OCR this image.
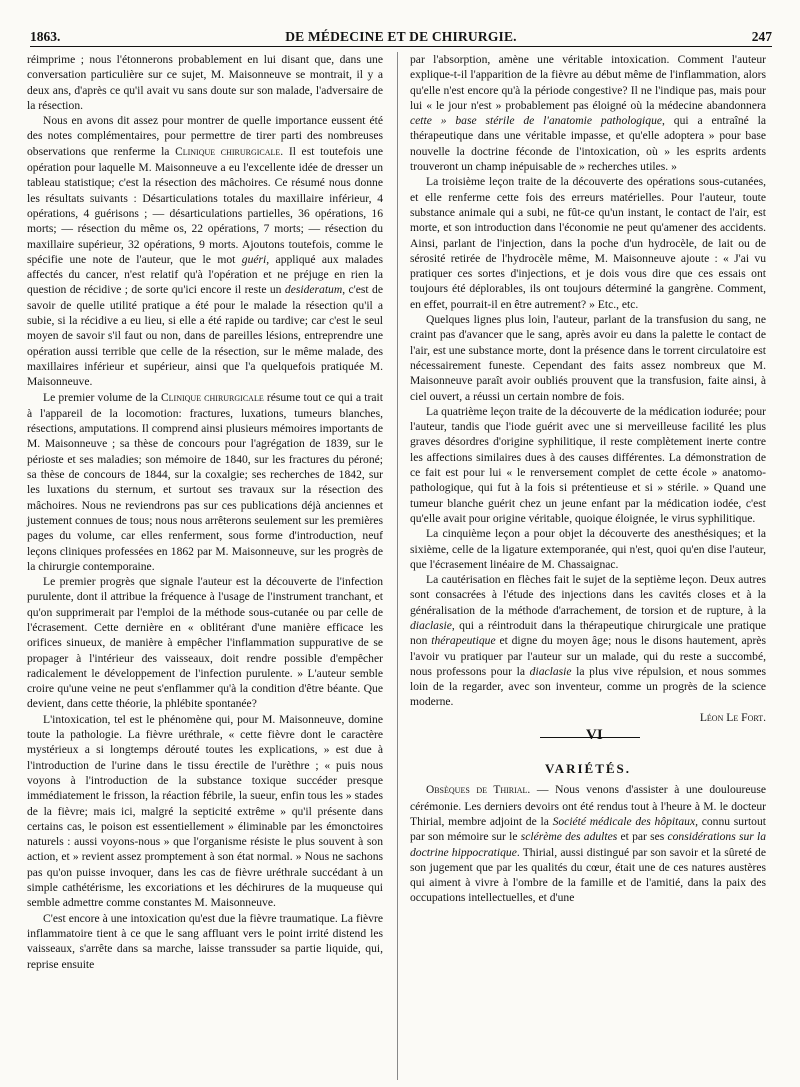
1863.	DE MÉDECINE ET DE CHIRURGIE.	247

réimprime ; nous l'étonnerons probablement en lui disant que, dans une conversation particulière sur ce sujet, M. Maisonneuve se montrait, il y a deux ans, d'après ce qu'il avait vu sans doute sur son malade, l'adversaire de la résection.

Nous en avons dit assez pour montrer de quelle importance eussent été des notes complémentaires, pour permettre de tirer parti des nombreuses observations que renferme la Clinique chirurgicale. Il est toutefois une opération pour laquelle M. Maisonneuve a eu l'excellente idée de dresser un tableau statistique; c'est la résection des mâchoires. Ce résumé nous donne les résultats suivants : Désarticulations totales du maxillaire inférieur, 4 opérations, 4 guérisons ; — désarticulations partielles, 36 opérations, 16 morts; — résection du même os, 22 opérations, 7 morts; — résection du maxillaire supérieur, 32 opérations, 9 morts. Ajoutons toutefois, comme le spécifie une note de l'auteur, que le mot guéri, appliqué aux malades affectés du cancer, n'est relatif qu'à l'opération et ne préjuge en rien la question de récidive ; de sorte qu'ici encore il reste un desideratum, c'est de savoir de quelle utilité pratique a été pour le malade la résection qu'il a subie, si la récidive a eu lieu, si elle a été rapide ou tardive; car c'est le seul moyen de savoir s'il faut ou non, dans de pareilles lésions, entreprendre une opération aussi terrible que celle de la résection, sur le même malade, des maxillaires inférieur et supérieur, ainsi que l'a quelquefois pratiquée M. Maisonneuve.

Le premier volume de la Clinique chirurgicale résume tout ce qui a trait à l'appareil de la locomotion: fractures, luxations, tumeurs blanches, résections, amputations. Il comprend ainsi plusieurs mémoires importants de M. Maisonneuve ; sa thèse de concours pour l'agrégation de 1839, sur le périoste et ses maladies; son mémoire de 1840, sur les fractures du péroné; sa thèse de concours de 1844, sur la coxalgie; ses recherches de 1842, sur les luxations du sternum, et surtout ses travaux sur la résection des mâchoires. Nous ne reviendrons pas sur ces publications déjà anciennes et justement connues de tous; nous nous arrêterons seulement sur les premières pages du volume, car elles renferment, sous forme d'introduction, neuf leçons cliniques professées en 1862 par M. Maisonneuve, sur les progrès de la chirurgie contemporaine.

Le premier progrès que signale l'auteur est la découverte de l'infection purulente, dont il attribue la fréquence à l'usage de l'instrument tranchant, et qu'on supprimerait par l'emploi de la méthode sous-cutanée ou par celle de l'écrasement. Cette dernière en « oblitérant d'une manière efficace les orifices sinueux, de manière à empêcher l'inflammation suppurative de se propager à l'intérieur des vaisseaux, doit rendre possible d'empêcher radicalement le développement de l'infection purulente. » L'auteur semble croire qu'une veine ne peut s'enflammer qu'à la condition d'être béante. Que devient, dans cette théorie, la phlébite spontanée?

L'intoxication, tel est le phénomène qui, pour M. Maisonneuve, domine toute la pathologie. La fièvre uréthrale, « cette fièvre dont le caractère mystérieux a si longtemps dérouté toutes les explications, » est due à l'introduction de l'urine dans le tissu érectile de l'urèthre ; « puis nous voyons à l'introduction de la substance toxique succéder presque immédiatement le frisson, la réaction fébrile, la sueur, enfin tous les » stades de la fièvre; mais ici, malgré la septicité extrême » qu'il présente dans certains cas, le poison est essentiellement » éliminable par les émonctoires naturels : aussi voyons-nous » que l'organisme résiste le plus souvent à son action, et » revient assez promptement à son état normal. » Nous ne sachons pas qu'on puisse invoquer, dans les cas de fièvre uréthrale succédant à un simple cathétérisme, les excoriations et les déchirures de la muqueuse qui semble admettre comme constantes M. Maisonneuve.

C'est encore à une intoxication qu'est due la fièvre traumatique. La fièvre inflammatoire tient à ce que le sang affluant vers le point irrité distend les vaisseaux, s'arrête dans sa marche, laisse transsuder sa partie liquide, qui, reprise ensuite

par l'absorption, amène une véritable intoxication. Comment l'auteur explique-t-il l'apparition de la fièvre au début même de l'inflammation, alors qu'elle n'est encore qu'à la période congestive? Il ne l'indique pas, mais pour lui « le jour n'est » probablement pas éloigné où la médecine abandonnera cette » base stérile de l'anatomie pathologique, qui a entraîné la thérapeutique dans une véritable impasse, et qu'elle adoptera » pour base nouvelle la doctrine féconde de l'intoxication, où » les esprits ardents trouveront un champ inépuisable de » recherches utiles. »

La troisième leçon traite de la découverte des opérations sous-cutanées, et elle renferme cette fois des erreurs matérielles. Pour l'auteur, toute substance animale qui a subi, ne fût-ce qu'un instant, le contact de l'air, est morte, et son introduction dans l'économie ne peut qu'amener des accidents. Ainsi, parlant de l'injection, dans la poche d'un hydrocèle, de lait ou de sérosité retirée de l'hydrocèle même, M. Maisonneuve ajoute : « J'ai vu pratiquer ces sortes d'injections, et je dois vous dire que ces essais ont toujours été déplorables, ils ont toujours déterminé la gangrène. Comment, en effet, pourrait-il en être autrement? » Etc., etc.

Quelques lignes plus loin, l'auteur, parlant de la transfusion du sang, ne craint pas d'avancer que le sang, après avoir eu dans la palette le contact de l'air, est une substance morte, dont la présence dans le torrent circulatoire est nécessairement funeste. Cependant des faits assez nombreux que M. Maisonneuve paraît avoir oubliés prouvent que la transfusion, faite ainsi, à ciel ouvert, a réussi un certain nombre de fois.

La quatrième leçon traite de la découverte de la médication iodurée; pour l'auteur, tandis que l'iode guérit avec une si merveilleuse facilité les plus graves désordres d'origine syphilitique, il reste complètement inerte contre les affections similaires dues à des causes différentes. La démonstration de ce fait est pour lui « le renversement complet de cette école » anatomo-pathologique, qui fut à la fois si prétentieuse et si » stérile. » Quand une tumeur blanche guérit chez un jeune enfant par la médication iodée, c'est qu'elle avait pour origine véritable, quoique éloignée, le virus syphilitique.

La cinquième leçon a pour objet la découverte des anesthésiques; et la sixième, celle de la ligature extemporanée, qui n'est, quoi qu'en dise l'auteur, que l'écrasement linéaire de M. Chassaignac.

La cautérisation en flèches fait le sujet de la septième leçon. Deux autres sont consacrées à l'étude des injections dans les cavités closes et à la généralisation de la méthode d'arrachement, de torsion et de rupture, à la diaclasie, qui a réintroduit dans la thérapeutique chirurgicale une pratique non thérapeutique et digne du moyen âge; nous le disons hautement, après l'avoir vu pratiquer par l'auteur sur un malade, qui du reste a succombé, nous professons pour la diaclasie la plus vive répulsion, et nous sommes loin de la regarder, avec son inventeur, comme un progrès de la science moderne.

Léon Le Fort.

VI
VARIÉTÉS.

Obsèques de Thirial. — Nous venons d'assister à une douloureuse cérémonie. Les derniers devoirs ont été rendus tout à l'heure à M. le docteur Thirial, membre adjoint de la Société médicale des hôpitaux, connu surtout par son mémoire sur le sclérème des adultes et par ses considérations sur la doctrine hippocratique. Thirial, aussi distingué par son savoir et la sûreté de son jugement que par les qualités du cœur, était une de ces natures austères qui aiment à vivre à l'ombre de la famille et de l'amitié, dans la paix des occupations intellectuelles, et d'une
